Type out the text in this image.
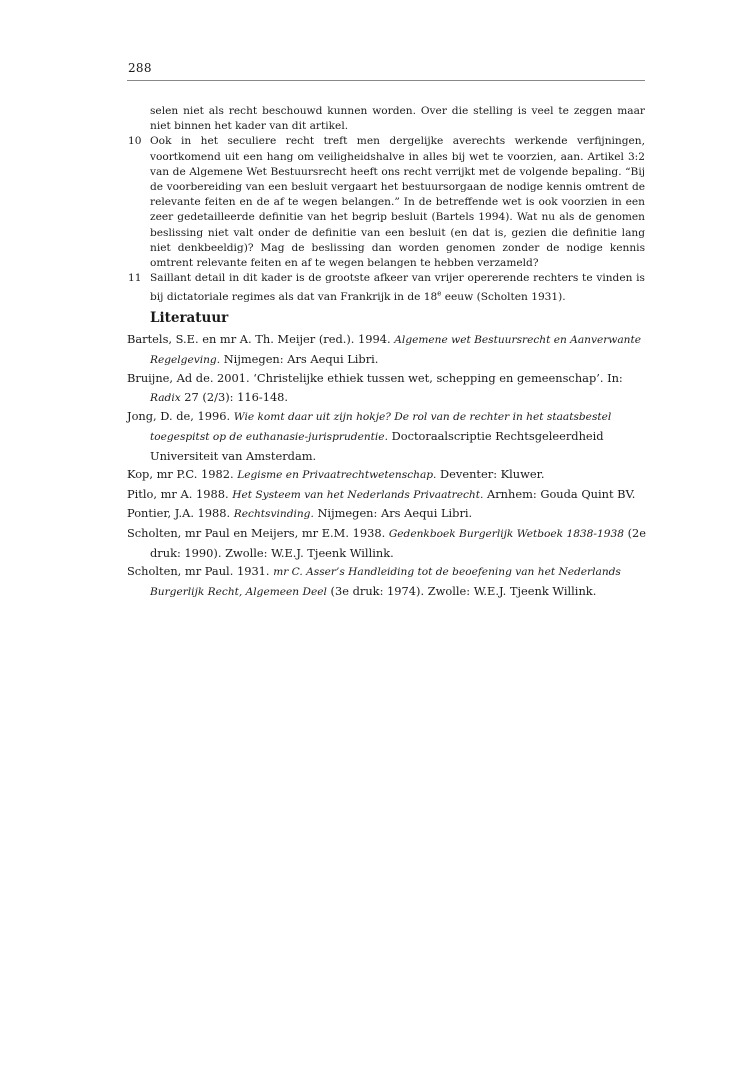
288
selen niet als recht beschouwd kunnen worden. Over die stelling is veel te zeggen maar niet binnen het kader van dit artikel.
10 Ook in het seculiere recht treft men dergelijke averechts werkende verfijningen, voortkomend uit een hang om veiligheidshalve in alles bij wet te voorzien, aan. Artikel 3:2 van de Algemene Wet Bestuursrecht heeft ons recht verrijkt met de volgende bepaling. “Bij de voorbereiding van een besluit vergaart het bestuursorgaan de nodige kennis omtrent de relevante feiten en de af te wegen belangen.” In de betreffende wet is ook voorzien in een zeer gedetailleerde definitie van het begrip besluit (Bartels 1994). Wat nu als de genomen beslissing niet valt onder de definitie van een besluit (en dat is, gezien die definitie lang niet denkbeeldig)? Mag de beslissing dan worden genomen zonder de nodige kennis omtrent relevante feiten en af te wegen belangen te hebben verzameld?
11 Saillant detail in dit kader is de grootste afkeer van vrijer opererende rechters te vinden is bij dictatoriale regimes als dat van Frankrijk in de 18e eeuw (Scholten 1931).
Literatuur
Bartels, S.E. en mr A. Th. Meijer (red.). 1994. Algemene wet Bestuursrecht en Aanverwante Regelgeving. Nijmegen: Ars Aequi Libri.
Bruijne, Ad de. 2001. ‘Christelijke ethiek tussen wet, schepping en gemeenschap’. In: Radix 27 (2/3): 116-148.
Jong, D. de, 1996. Wie komt daar uit zijn hokje? De rol van de rechter in het staatsbestel toegespitst op de euthanasie-jurisprudentie. Doctoraalscriptie Rechtsgeleerdheid Universiteit van Amsterdam.
Kop, mr P.C. 1982. Legisme en Privaatrechtwetenschap. Deventer: Kluwer.
Pitlo, mr A. 1988. Het Systeem van het Nederlands Privaatrecht. Arnhem: Gouda Quint BV.
Pontier, J.A. 1988. Rechtsvinding. Nijmegen: Ars Aequi Libri.
Scholten, mr Paul en Meijers, mr E.M. 1938. Gedenkboek Burgerlijk Wetboek 1838-1938 (2e druk: 1990). Zwolle: W.E.J. Tjeenk Willink.
Scholten, mr Paul. 1931. mr C. Asser’s Handleiding tot de beoefening van het Nederlands Burgerlijk Recht, Algemeen Deel (3e druk: 1974). Zwolle: W.E.J. Tjeenk Willink.
